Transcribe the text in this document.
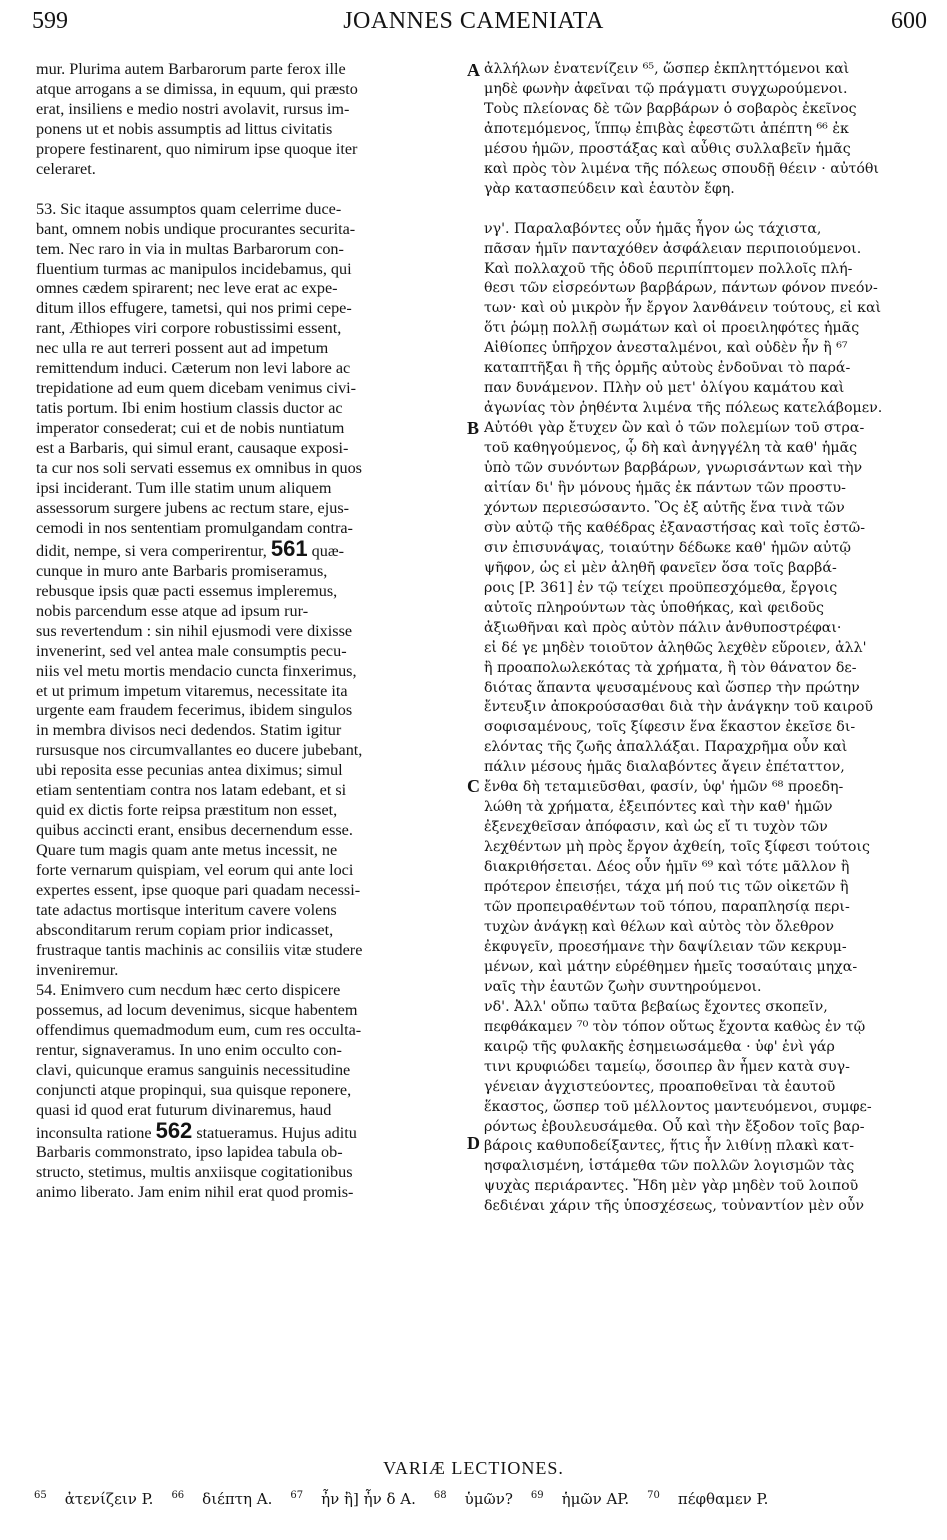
599	JOANNES CAMENIATA	600

mur. Plurima autem Barbarorum parte ferox ille

atque arrogans a se dimissa, in equum, qui præsto

erat, insiliens e medio nostri avolavit, rursus im-

ponens ut et nobis assumptis ad littus civitatis

propere festinarent, quo nimirum ipse quoque iter

celeraret.

53. Sic itaque assumptos quam celerrime duce-

bant, omnem nobis undique procurantes securita-

tem. Nec raro in via in multas Barbarorum con-

fluentium turmas ac manipulos incidebamus, qui

omnes cædem spirarent; nec leve erat ac expe-

ditum illos effugere, tametsi, qui nos primi cepe-

rant, Æthiopes viri corpore robustissimi essent,

nec ulla re aut terreri possent aut ad impetum

remittendum induci. Cæterum non levi labore ac

trepidatione ad eum quem dicebam venimus civi-

tatis portum. Ibi enim hostium classis ductor ac

imperator consederat; cui et de nobis nuntiatum

est a Barbaris, qui simul erant, causaque exposi-

ta cur nos soli servati essemus ex omnibus in quos

ipsi inciderant. Tum ille statim unum aliquem

assessorum surgere jubens ac rectum stare, ejus-

cemodi in nos sententiam promulgandam contra-

didit, nempe, si vera comperirentur, 561 quæ-

cunque in muro ante Barbaris promiseramus,

rebusque ipsis quæ pacti essemus impleremus,

nobis parcendum esse atque ad ipsum rur-

sus revertendum : sin nihil ejusmodi vere dixisse

invenerint, sed vel antea male consumptis pecu-

niis vel metu mortis mendacio cuncta finxerimus,

et ut primum impetum vitaremus, necessitate ita

urgente eam fraudem fecerimus, ibidem singulos

in membra divisos neci dedendos. Statim igitur

rursusque nos circumvallantes eo ducere jubebant,

ubi reposita esse pecunias antea diximus; simul

etiam sententiam contra nos latam edebant, et si

quid ex dictis forte reipsa præstitum non esset,

quibus accincti erant, ensibus decernendum esse.

Quare tum magis quam ante metus incessit, ne

forte vernarum quispiam, vel eorum qui ante loci

expertes essent, ipse quoque pari quadam necessi-

tate adactus mortisque interitum cavere volens

absconditarum rerum copiam prior indicasset,

frustraque tantis machinis ac consiliis vitæ studere

inveniremur.

54. Enimvero cum necdum hæc certo dispicere

possemus, ad locum devenimus, sicque habentem

offendimus quemadmodum eum, cum res occulta-

rentur, signaveramus. In uno enim occulto con-

clavi, quicunque eramus sanguinis necessitudine

conjuncti atque propinqui, sua quisque reponere,

quasi id quod erat futurum divinaremus, haud

inconsulta ratione 562 statueramus. Hujus aditu

Barbaris commonstrato, ipso lapidea tabula ob-

structo, stetimus, multis anxiisque cogitationibus

animo liberato. Jam enim nihil erat quod promis-

A
B
C
D

ἀλλήλων ἐνατενίζειν ⁶⁵, ὥσπερ ἐκπληττόμενοι καὶ

μηδὲ φωνὴν ἀφεῖναι τῷ πράγματι συγχωρούμενοι.

Τοὺς πλείονας δὲ τῶν βαρβάρων ὁ σοβαρὸς ἐκεῖνος

ἀποτεμόμενος, ἵππῳ ἐπιβὰς ἐφεστῶτι ἀπέπτη ⁶⁶ ἐκ

μέσου ἡμῶν, προστάξας καὶ αὖθις συλλαβεῖν ἡμᾶς

καὶ πρὸς τὸν λιμένα τῆς πόλεως σπουδῇ θέειν · αὐτόθι

γὰρ κατασπεύδειν καὶ ἑαυτὸν ἔφη.

νγ'. Παραλαβόντες οὖν ἡμᾶς ἦγον ὡς τάχιστα,

πᾶσαν ἡμῖν πανταχόθεν ἀσφάλειαν περιποιούμενοι.

Καὶ πολλαχοῦ τῆς ὁδοῦ περιπίπτομεν πολλοῖς πλή-

θεσι τῶν εἰσρεόντων βαρβάρων, πάντων φόνον πνεόν-

των· καὶ οὐ μικρὸν ἦν ἔργον λανθάνειν τούτους, εἰ καὶ

ὅτι ῥώμῃ πολλῇ σωμάτων καὶ οἱ προειληφότες ἡμᾶς

Αἰθίοπες ὑπῆρχον ἀνεσταλμένοι, καὶ οὐδὲν ἦν ἢ ⁶⁷

καταπτῆξαι ἢ τῆς ὁρμῆς αὐτοὺς ἐνδοῦναι τὸ παρά-

παν δυνάμενον. Πλὴν οὐ μετ' ὀλίγου καμάτου καὶ

ἀγωνίας τὸν ῥηθέντα λιμένα τῆς πόλεως κατελάβομεν.

Αὐτόθι γὰρ ἔτυχεν ὢν καὶ ὁ τῶν πολεμίων τοῦ στρα-

τοῦ καθηγούμενος, ᾧ δὴ καὶ ἀνηγγέλη τὰ καθ' ἡμᾶς

ὑπὸ τῶν συνόντων βαρβάρων, γνωρισάντων καὶ τὴν

αἰτίαν δι' ἣν μόνους ἡμᾶς ἐκ πάντων τῶν προστυ-

χόντων περιεσώσαντο. Ὃς ἐξ αὐτῆς ἕνα τινὰ τῶν

σὺν αὐτῷ τῆς καθέδρας ἐξαναστήσας καὶ τοῖς ἐστῶ-

σιν ἐπισυνάψας, τοιαύτην δέδωκε καθ' ἡμῶν αὐτῷ

ψῆφον, ὡς εἰ μὲν ἀληθῆ φανεῖεν ὅσα τοῖς βαρβά-

ροις [P. 361] ἐν τῷ τείχει προϋπεσχόμεθα, ἔργοις

αὐτοῖς πληρούντων τὰς ὑποθήκας, καὶ φειδοῦς

ἀξιωθῆναι καὶ πρὸς αὐτὸν πάλιν ἀνθυποστρέφαι·

εἰ δέ γε μηδὲν τοιοῦτον ἀληθῶς λεχθὲν εὕροιεν, ἀλλ'

ἢ προαπολωλεκότας τὰ χρήματα, ἢ τὸν θάνατον δε-

διότας ἅπαντα ψευσαμένους καὶ ὥσπερ τὴν πρώτην

ἔντευξιν ἀποκρούσασθαι διὰ τὴν ἀνάγκην τοῦ καιροῦ

σοφισαμένους, τοῖς ξίφεσιν ἕνα ἕκαστον ἐκεῖσε δι-

ελόντας τῆς ζωῆς ἀπαλλάξαι. Παραχρῆμα οὖν καὶ

πάλιν μέσους ἡμᾶς διαλαβόντες ἄγειν ἐπέταττον,

ἔνθα δὴ τεταμιεῦσθαι, φασίν, ὑφ' ἡμῶν ⁶⁸ προεδη-

λώθη τὰ χρήματα, ἐξειπόντες καὶ τὴν καθ' ἡμῶν

ἐξενεχθεῖσαν ἀπόφασιν, καὶ ὡς εἴ τι τυχὸν τῶν

λεχθέντων μὴ πρὸς ἔργον ἀχθείη, τοῖς ξίφεσι τούτοις

διακριθήσεται. Δέος οὖν ἡμῖν ⁶⁹ καὶ τότε μᾶλλον ἢ

πρότερον ἐπεισῄει, τάχα μή πού τις τῶν οἰκετῶν ἢ

τῶν προπειραθέντων τοῦ τόπου, παραπλησίᾳ περι-

τυχὼν ἀνάγκῃ καὶ θέλων καὶ αὐτὸς τὸν ὄλεθρον

ἐκφυγεῖν, προεσήμανε τὴν δαψίλειαν τῶν κεκρυμ-

μένων, καὶ μάτην εὑρέθημεν ἡμεῖς τοσαύταις μηχα-

ναῖς τὴν ἑαυτῶν ζωὴν συντηρούμενοι.

νδ'. Ἀλλ' οὔπω ταῦτα βεβαίως ἔχοντες σκοπεῖν,

πεφθάκαμεν ⁷⁰ τὸν τόπον οὕτως ἔχοντα καθὼς ἐν τῷ

καιρῷ τῆς φυλακῆς ἐσημειωσάμεθα · ὑφ' ἑνὶ γάρ

τινι κρυφιώδει ταμείῳ, ὅσοιπερ ἂν ἦμεν κατὰ συγ-

γένειαν ἀγχιστεύοντες, προαποθεῖναι τὰ ἑαυτοῦ

ἕκαστος, ὥσπερ τοῦ μέλλοντος μαντευόμενοι, συμφε-

ρόντως ἐβουλευσάμεθα. Οὗ καὶ τὴν ἔξοδον τοῖς βαρ-

βάροις καθυποδείξαντες, ἥτις ἦν λιθίνῃ πλακὶ κατ-

ησφαλισμένη, ἱστάμεθα τῶν πολλῶν λογισμῶν τὰς

ψυχὰς περιάραντες. Ἤδη μὲν γὰρ μηδὲν τοῦ λοιποῦ

δεδιέναι χάριν τῆς ὑποσχέσεως, τοὐναντίον μὲν οὖν

VARIÆ LECTIONES.
$^{65}$ ἀτενίζειν P. $^{66}$ διέπτη A. $^{67}$ ἦν ἢ] ἦν δ A. $^{68}$ ὑμῶν? $^{69}$ ἡμῶν AP. $^{70}$ πέφθαμεν P.
